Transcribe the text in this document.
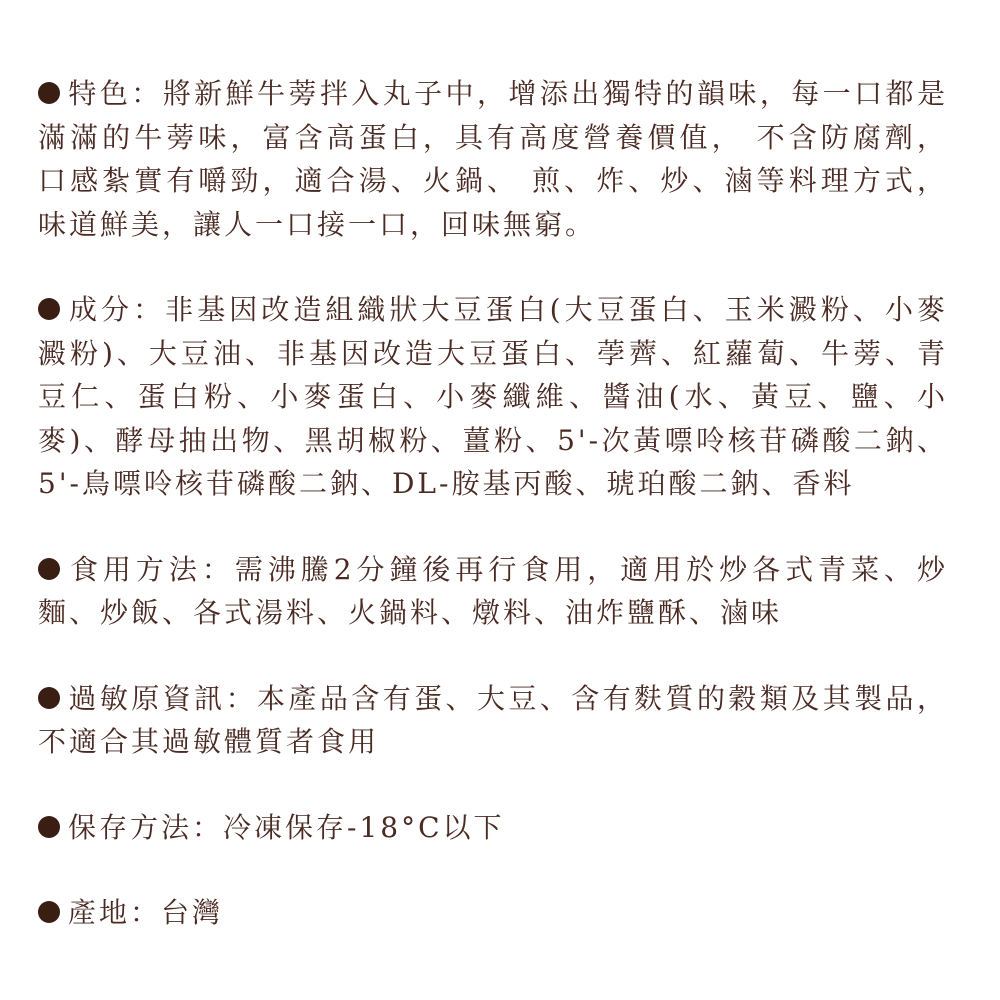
特色：將新鮮牛蒡拌入丸子中，增添出獨特的韻味，每一口都是滿滿的牛蒡味，富含高蛋白，具有高度營養價值， 不含防腐劑，口感紮實有嚼勁，適合湯、火鍋、 煎、炸、炒、滷等料理方式，味道鮮美，讓人一口接一口，回味無窮。

成分：非基因改造組織狀大豆蛋白(大豆蛋白、玉米澱粉、小麥澱粉)、大豆油、非基因改造大豆蛋白、荸薺、紅蘿蔔、牛蒡、青豆仁、蛋白粉、小麥蛋白、小麥纖維、醬油(水、黃豆、鹽、小麥)、酵母抽出物、黑胡椒粉、薑粉、5'-次黃嘌呤核苷磷酸二鈉、5'-鳥嘌呤核苷磷酸二鈉、DL-胺基丙酸、琥珀酸二鈉、香料

食用方法：需沸騰2分鐘後再行食用，適用於炒各式青菜、炒麵、炒飯、各式湯料、火鍋料、燉料、油炸鹽酥、滷味

過敏原資訊：本產品含有蛋、大豆、含有麩質的穀類及其製品，不適合其過敏體質者食用

保存方法：冷凍保存-18°C以下

產地：台灣
